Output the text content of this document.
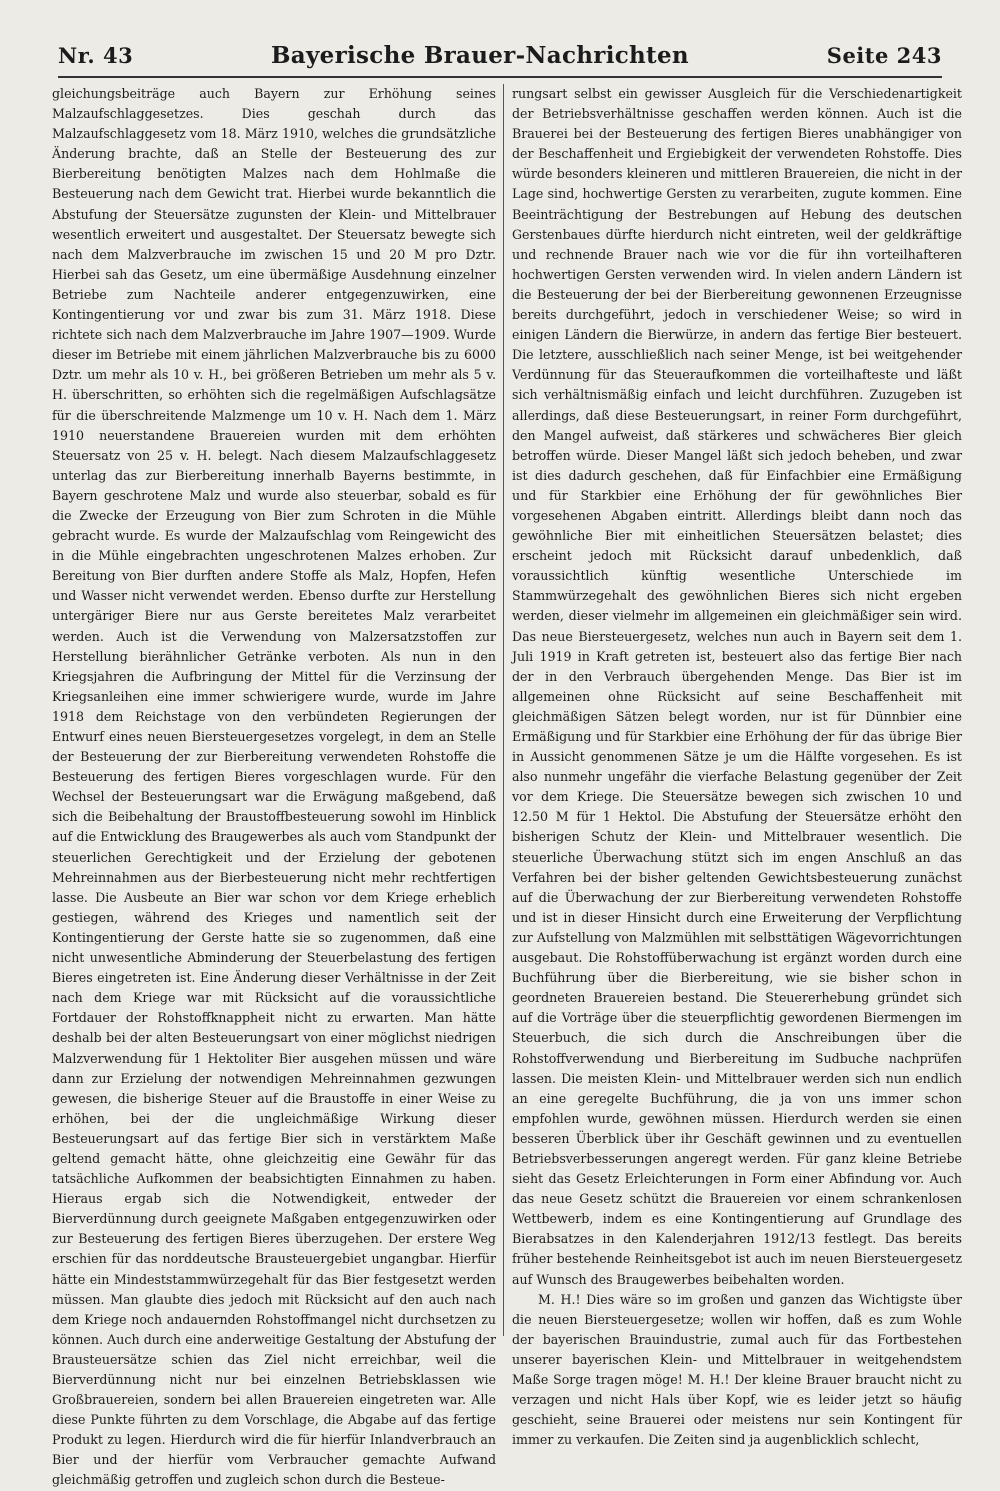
Nr. 43	Bayerische Brauer-Nachrichten	Seite 243

gleichungsbeiträge auch Bayern zur Erhöhung seines Malzaufschlaggesetzes. Dies geschah durch das Malzaufschlaggesetz vom 18. März 1910, welches die grundsätzliche Änderung brachte, daß an Stelle der Besteuerung des zur Bierbereitung benötigten Malzes nach dem Hohlmaße die Besteuerung nach dem Gewicht trat. Hierbei wurde bekanntlich die Abstufung der Steuersätze zugunsten der Klein- und Mittelbrauer wesentlich erweitert und ausgestaltet. Der Steuersatz bewegte sich nach dem Malzverbrauche im zwischen 15 und 20 M pro Dztr. Hierbei sah das Gesetz, um eine übermäßige Ausdehnung einzelner Betriebe zum Nachteile anderer entgegenzuwirken, eine Kontingentierung vor und zwar bis zum 31. März 1918. Diese richtete sich nach dem Malzverbrauche im Jahre 1907—1909. Wurde dieser im Betriebe mit einem jährlichen Malzverbrauche bis zu 6000 Dztr. um mehr als 10 v. H., bei größeren Betrieben um mehr als 5 v. H. überschritten, so erhöhten sich die regelmäßigen Aufschlagsätze für die überschreitende Malzmenge um 10 v. H. Nach dem 1. März 1910 neuerstandene Brauereien wurden mit dem erhöhten Steuersatz von 25 v. H. belegt. Nach diesem Malzaufschlaggesetz unterlag das zur Bierbereitung innerhalb Bayerns bestimmte, in Bayern geschrotene Malz und wurde also steuerbar, sobald es für die Zwecke der Erzeugung von Bier zum Schroten in die Mühle gebracht wurde. Es wurde der Malzaufschlag vom Reingewicht des in die Mühle eingebrachten ungeschrotenen Malzes erhoben. Zur Bereitung von Bier durften andere Stoffe als Malz, Hopfen, Hefen und Wasser nicht verwendet werden. Ebenso durfte zur Herstellung untergäriger Biere nur aus Gerste bereitetes Malz verarbeitet werden. Auch ist die Verwendung von Malzersatzstoffen zur Herstellung bierähnlicher Getränke verboten. Als nun in den Kriegsjahren die Aufbringung der Mittel für die Verzinsung der Kriegsanleihen eine immer schwierigere wurde, wurde im Jahre 1918 dem Reichstage von den verbündeten Regierungen der Entwurf eines neuen Biersteuergesetzes vorgelegt, in dem an Stelle der Besteuerung der zur Bierbereitung verwendeten Rohstoffe die Besteuerung des fertigen Bieres vorgeschlagen wurde. Für den Wechsel der Besteuerungsart war die Erwägung maßgebend, daß sich die Beibehaltung der Braustoffbesteuerung sowohl im Hinblick auf die Entwicklung des Braugewerbes als auch vom Standpunkt der steuerlichen Gerechtigkeit und der Erzielung der gebotenen Mehreinnahmen aus der Bierbesteuerung nicht mehr rechtfertigen lasse. Die Ausbeute an Bier war schon vor dem Kriege erheblich gestiegen, während des Krieges und namentlich seit der Kontingentierung der Gerste hatte sie so zugenommen, daß eine nicht unwesentliche Abminderung der Steuerbelastung des fertigen Bieres eingetreten ist. Eine Änderung dieser Verhältnisse in der Zeit nach dem Kriege war mit Rücksicht auf die voraussichtliche Fortdauer der Rohstoffknappheit nicht zu erwarten. Man hätte deshalb bei der alten Besteuerungsart von einer möglichst niedrigen Malzverwendung für 1 Hektoliter Bier ausgehen müssen und wäre dann zur Erzielung der notwendigen Mehreinnahmen gezwungen gewesen, die bisherige Steuer auf die Braustoffe in einer Weise zu erhöhen, bei der die ungleichmäßige Wirkung dieser Besteuerungsart auf das fertige Bier sich in verstärktem Maße geltend gemacht hätte, ohne gleichzeitig eine Gewähr für das tatsächliche Aufkommen der beabsichtigten Einnahmen zu haben. Hieraus ergab sich die Notwendigkeit, entweder der Bierverdünnung durch geeignete Maßgaben entgegenzuwirken oder zur Besteuerung des fertigen Bieres überzugehen. Der erstere Weg erschien für das norddeutsche Brausteuergebiet ungangbar. Hierfür hätte ein Mindeststammwürzegehalt für das Bier festgesetzt werden müssen. Man glaubte dies jedoch mit Rücksicht auf den auch nach dem Kriege noch andauernden Rohstoffmangel nicht durchsetzen zu können. Auch durch eine anderweitige Gestaltung der Abstufung der Brausteuersätze schien das Ziel nicht erreichbar, weil die Bierverdünnung nicht nur bei einzelnen Betriebsklassen wie Großbrauereien, sondern bei allen Brauereien eingetreten war. Alle diese Punkte führten zu dem Vorschlage, die Abgabe auf das fertige Produkt zu legen. Hierdurch wird die für hierfür Inlandverbrauch an Bier und der hierfür vom Verbraucher gemachte Aufwand gleichmäßig getroffen und zugleich schon durch die Besteue-

rungsart selbst ein gewisser Ausgleich für die Verschiedenartigkeit der Betriebsverhältnisse geschaffen werden können. Auch ist die Brauerei bei der Besteuerung des fertigen Bieres unabhängiger von der Beschaffenheit und Ergiebigkeit der verwendeten Rohstoffe. Dies würde besonders kleineren und mittleren Brauereien, die nicht in der Lage sind, hochwertige Gersten zu verarbeiten, zugute kommen. Eine Beeinträchtigung der Bestrebungen auf Hebung des deutschen Gerstenbaues dürfte hierdurch nicht eintreten, weil der geldkräftige und rechnende Brauer nach wie vor die für ihn vorteilhafteren hochwertigen Gersten verwenden wird. In vielen andern Ländern ist die Besteuerung der bei der Bierbereitung gewonnenen Erzeugnisse bereits durchgeführt, jedoch in verschiedener Weise; so wird in einigen Ländern die Bierwürze, in andern das fertige Bier besteuert. Die letztere, ausschließlich nach seiner Menge, ist bei weitgehender Verdünnung für das Steueraufkommen die vorteilhafteste und läßt sich verhältnismäßig einfach und leicht durchführen. Zuzugeben ist allerdings, daß diese Besteuerungsart, in reiner Form durchgeführt, den Mangel aufweist, daß stärkeres und schwächeres Bier gleich betroffen würde. Dieser Mangel läßt sich jedoch beheben, und zwar ist dies dadurch geschehen, daß für Einfachbier eine Ermäßigung und für Starkbier eine Erhöhung der für gewöhnliches Bier vorgesehenen Abgaben eintritt. Allerdings bleibt dann noch das gewöhnliche Bier mit einheitlichen Steuersätzen belastet; dies erscheint jedoch mit Rücksicht darauf unbedenklich, daß voraussichtlich künftig wesentliche Unterschiede im Stammwürzegehalt des gewöhnlichen Bieres sich nicht ergeben werden, dieser vielmehr im allgemeinen ein gleichmäßiger sein wird. Das neue Biersteuergesetz, welches nun auch in Bayern seit dem 1. Juli 1919 in Kraft getreten ist, besteuert also das fertige Bier nach der in den Verbrauch übergehenden Menge. Das Bier ist im allgemeinen ohne Rücksicht auf seine Beschaffenheit mit gleichmäßigen Sätzen belegt worden, nur ist für Dünnbier eine Ermäßigung und für Starkbier eine Erhöhung der für das übrige Bier in Aussicht genommenen Sätze je um die Hälfte vorgesehen. Es ist also nunmehr ungefähr die vierfache Belastung gegenüber der Zeit vor dem Kriege. Die Steuersätze bewegen sich zwischen 10 und 12.50 M für 1 Hektol. Die Abstufung der Steuersätze erhöht den bisherigen Schutz der Klein- und Mittelbrauer wesentlich. Die steuerliche Überwachung stützt sich im engen Anschluß an das Verfahren bei der bisher geltenden Gewichtsbesteuerung zunächst auf die Überwachung der zur Bierbereitung verwendeten Rohstoffe und ist in dieser Hinsicht durch eine Erweiterung der Verpflichtung zur Aufstellung von Malzmühlen mit selbsttätigen Wägevorrichtungen ausgebaut. Die Rohstoffüberwachung ist ergänzt worden durch eine Buchführung über die Bierbereitung, wie sie bisher schon in geordneten Brauereien bestand. Die Steuererhebung gründet sich auf die Vorträge über die steuerpflichtig gewordenen Biermengen im Steuerbuch, die sich durch die Anschreibungen über die Rohstoffverwendung und Bierbereitung im Sudbuche nachprüfen lassen. Die meisten Klein- und Mittelbrauer werden sich nun endlich an eine geregelte Buchführung, die ja von uns immer schon empfohlen wurde, gewöhnen müssen. Hierdurch werden sie einen besseren Überblick über ihr Geschäft gewinnen und zu eventuellen Betriebsverbesserungen angeregt werden. Für ganz kleine Betriebe sieht das Gesetz Erleichterungen in Form einer Abfindung vor. Auch das neue Gesetz schützt die Brauereien vor einem schrankenlosen Wettbewerb, indem es eine Kontingentierung auf Grundlage des Bierabsatzes in den Kalenderjahren 1912/13 festlegt. Das bereits früher bestehende Reinheitsgebot ist auch im neuen Biersteuergesetz auf Wunsch des Braugewerbes beibehalten worden.

M. H.! Dies wäre so im großen und ganzen das Wichtigste über die neuen Biersteuergesetze; wollen wir hoffen, daß es zum Wohle der bayerischen Brauindustrie, zumal auch für das Fortbestehen unserer bayerischen Klein- und Mittelbrauer in weitgehendstem Maße Sorge tragen möge! M. H.! Der kleine Brauer braucht nicht zu verzagen und nicht Hals über Kopf, wie es leider jetzt so häufig geschieht, seine Brauerei oder meistens nur sein Kontingent für immer zu verkaufen. Die Zeiten sind ja augenblicklich schlecht,
